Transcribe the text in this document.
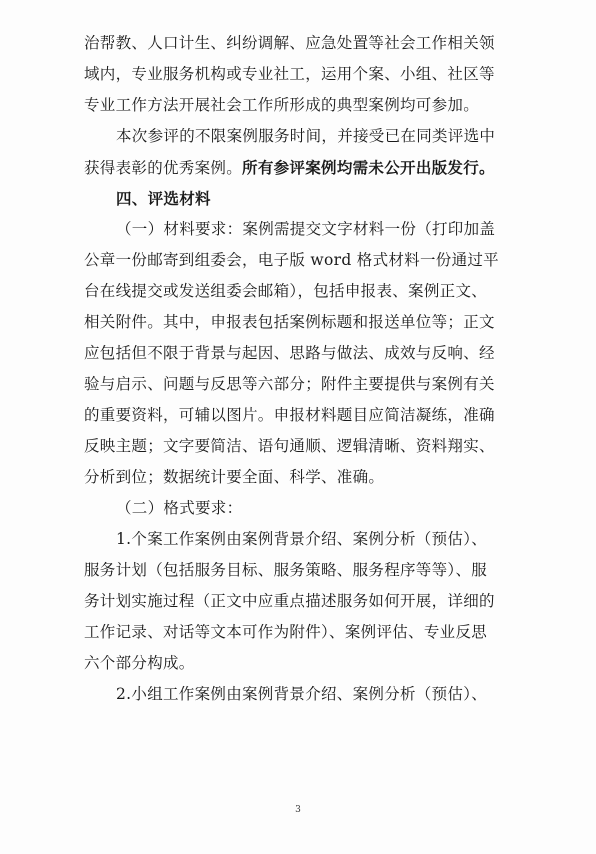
治帮教、人口计生、纠纷调解、应急处置等社会工作相关领
域内，专业服务机构或专业社工，运用个案、小组、社区等
专业工作方法开展社会工作所形成的典型案例均可参加。
本次参评的不限案例服务时间，并接受已在同类评选中
获得表彰的优秀案例。所有参评案例均需未公开出版发行。
四、评选材料
（一）材料要求：案例需提交文字材料一份（打印加盖
公章一份邮寄到组委会，电子版 word 格式材料一份通过平
台在线提交或发送组委会邮箱），包括申报表、案例正文、
相关附件。其中，申报表包括案例标题和报送单位等；正文
应包括但不限于背景与起因、思路与做法、成效与反响、经
验与启示、问题与反思等六部分；附件主要提供与案例有关
的重要资料，可辅以图片。申报材料题目应简洁凝练，准确
反映主题；文字要简洁、语句通顺、逻辑清晰、资料翔实、
分析到位；数据统计要全面、科学、准确。
（二）格式要求：
1.个案工作案例由案例背景介绍、案例分析（预估）、
服务计划（包括服务目标、服务策略、服务程序等等）、服
务计划实施过程（正文中应重点描述服务如何开展，详细的
工作记录、对话等文本可作为附件）、案例评估、专业反思
六个部分构成。
2.小组工作案例由案例背景介绍、案例分析（预估）、
3
